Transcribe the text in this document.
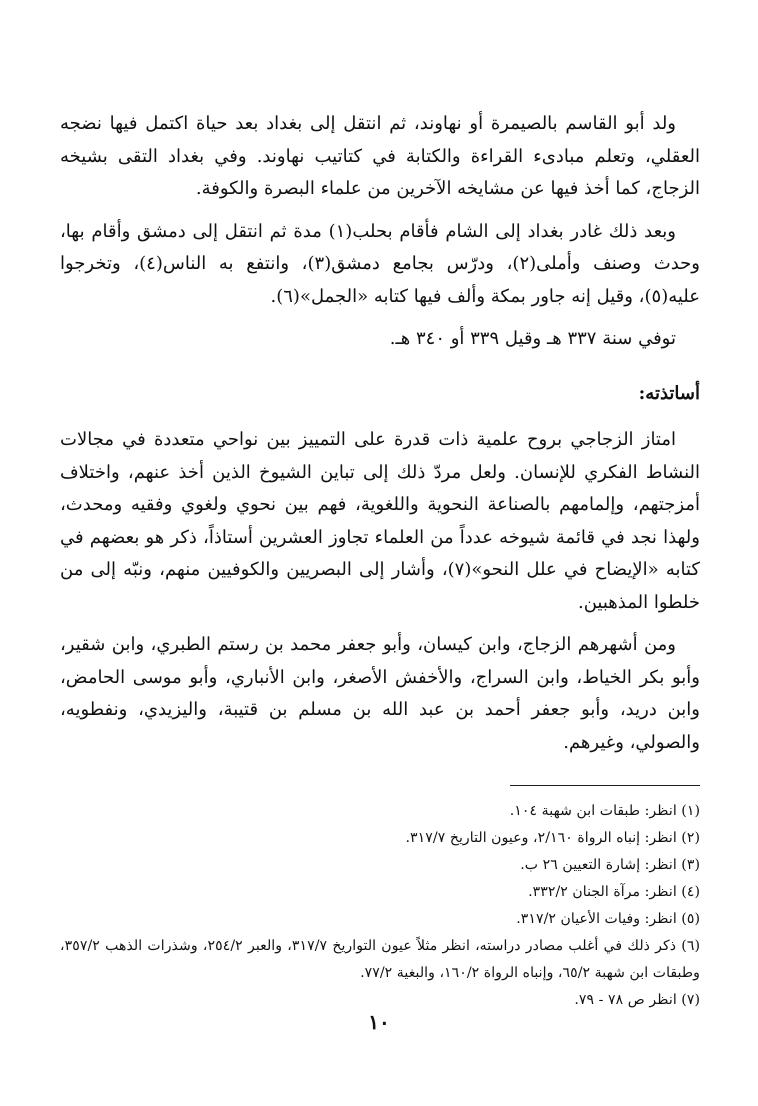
ولد أبو القاسم بالصيمرة أو نهاوند، ثم انتقل إلى بغداد بعد حياة اكتمل فيها نضجه العقلي، وتعلم مبادىء القراءة والكتابة في كتاتيب نهاوند. وفي بغداد التقى بشيخه الزجاج، كما أخذ فيها عن مشايخه الآخرين من علماء البصرة والكوفة.

وبعد ذلك غادر بغداد إلى الشام فأقام بحلب(١) مدة ثم انتقل إلى دمشق وأقام بها، وحدث وصنف وأملى(٢)، ودرّس بجامع دمشق(٣)، وانتفع به الناس(٤)، وتخرجوا عليه(٥)، وقيل إنه جاور بمكة وألف فيها كتابه «الجمل»(٦).

توفي سنة ٣٣٧ هـ وقيل ٣٣٩ أو ٣٤٠ هـ.

أساتذته:

امتاز الزجاجي بروح علمية ذات قدرة على التمييز بين نواحي متعددة في مجالات النشاط الفكري للإنسان. ولعل مردّ ذلك إلى تباين الشيوخ الذين أخذ عنهم، واختلاف أمزجتهم، وإلمامهم بالصناعة النحوية واللغوية، فهم بين نحوي ولغوي وفقيه ومحدث، ولهذا نجد في قائمة شيوخه عدداً من العلماء تجاوز العشرين أستاذاً، ذكر هو بعضهم في كتابه «الإيضاح في علل النحو»(٧)، وأشار إلى البصريين والكوفيين منهم، ونبّه إلى من خلطوا المذهبين.

ومن أشهرهم الزجاج، وابن كيسان، وأبو جعفر محمد بن رستم الطبري، وابن شقير، وأبو بكر الخياط، وابن السراج، والأخفش الأصغر، وابن الأنباري، وأبو موسى الحامض، وابن دريد، وأبو جعفر أحمد بن عبد الله بن مسلم بن قتيبة، واليزيدي، ونفطويه، والصولي، وغيرهم.

(١) انظر: طبقات ابن شهبة ١٠٤.

(٢) انظر: إنباه الرواة ٢/١٦٠، وعيون التاريخ ٣١٧/٧.

(٣) انظر: إشارة التعيين ٢٦ ب.

(٤) انظر: مرآة الجنان ٣٣٢/٢.

(٥) انظر: وفيات الأعيان ٣١٧/٢.

(٦) ذكر ذلك في أغلب مصادر دراسته، انظر مثلاً عيون التواريخ ٣١٧/٧، والعبر ٢٥٤/٢، وشذرات الذهب ٣٥٧/٢، وطبقات ابن شهبة ٦٥/٢، وإنباه الرواة ١٦٠/٢، والبغية ٧٧/٢.

(٧) انظر ص ٧٨ - ٧٩.

١٠
